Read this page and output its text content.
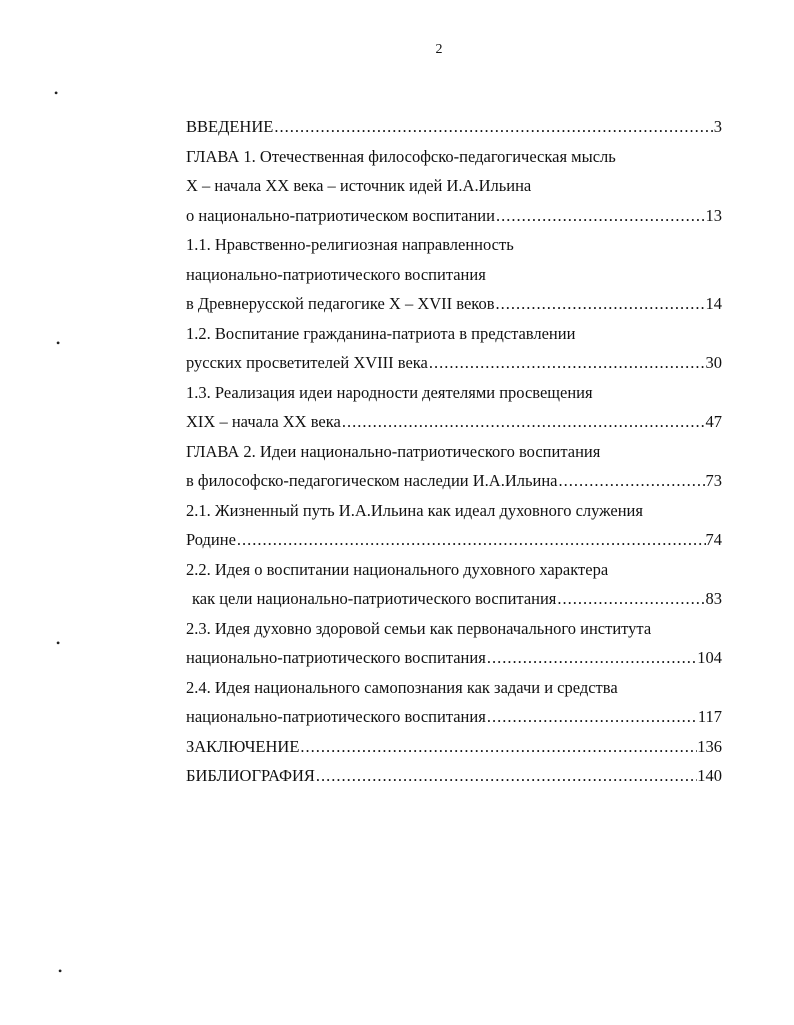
2
•
•
•
•
ВВЕДЕНИЕ .....	3
ГЛАВА 1. Отечественная философско-педагогическая мысль
X – начала XX века – источник идей И.А.Ильина
о национально-патриотическом воспитании .....	13
1.1. Нравственно-религиозная направленность
национально-патриотического воспитания
в Древнерусской педагогике X – XVII веков .....	14
1.2. Воспитание гражданина-патриота в представлении
русских просветителей XVIII века .....	30
1.3. Реализация идеи народности деятелями просвещения
XIX – начала XX века .....	47
ГЛАВА 2. Идеи национально-патриотического воспитания
в философско-педагогическом наследии И.А.Ильина .....	73
2.1. Жизненный путь И.А.Ильина как идеал духовного служения
Родине .....	74
2.2. Идея о воспитании национального духовного характера
как цели национально-патриотического воспитания .....	83
2.3. Идея духовно здоровой семьи как первоначального института
национально-патриотического воспитания .....	104
2.4. Идея национального самопознания как задачи и средства
национально-патриотического воспитания .....	117
ЗАКЛЮЧЕНИЕ .....	136
БИБЛИОГРАФИЯ .....	140
